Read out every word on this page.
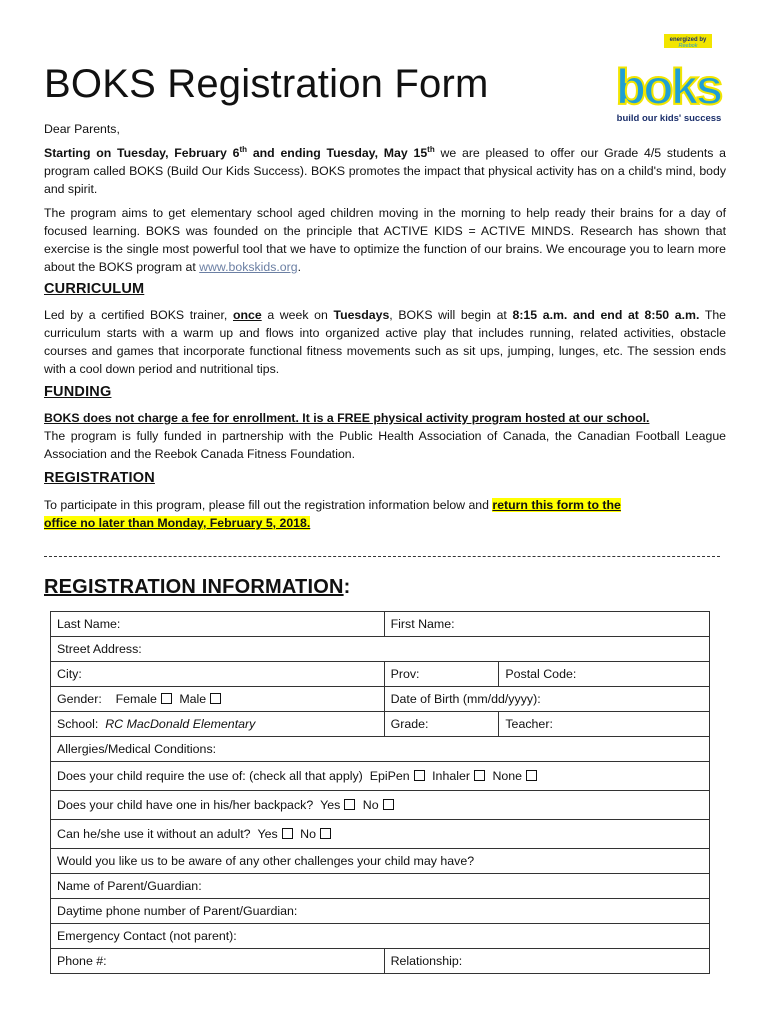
BOKS Registration Form
energized by
Reebok
boks
build our kids' success

Dear Parents,

Starting on Tuesday, February 6th and ending Tuesday, May 15th we are pleased to offer our Grade 4/5 students a program called BOKS (Build Our Kids Success). BOKS promotes the impact that physical activity has on a child's mind, body and spirit.

The program aims to get elementary school aged children moving in the morning to help ready their brains for a day of focused learning. BOKS was founded on the principle that ACTIVE KIDS = ACTIVE MINDS. Research has shown that exercise is the single most powerful tool that we have to optimize the function of our brains. We encourage you to learn more about the BOKS program at www.bokskids.org.

CURRICULUM

Led by a certified BOKS trainer, once a week on Tuesdays, BOKS will begin at 8:15 a.m. and end at 8:50 a.m. The curriculum starts with a warm up and flows into organized active play that includes running, related activities, obstacle courses and games that incorporate functional fitness movements such as sit ups, jumping, lunges, etc. The session ends with a cool down period and nutritional tips.

FUNDING

BOKS does not charge a fee for enrollment. It is a FREE physical activity program hosted at our school.
The program is fully funded in partnership with the Public Health Association of Canada, the Canadian Football League Association and the Reebok Canada Fitness Foundation.

REGISTRATION

To participate in this program, please fill out the registration information below and return this form to the
office no later than Monday, February 5, 2018.

REGISTRATION INFORMATION:

Last Name:	First Name:	
Street Address:		
City:	Prov:	Postal Code:
Gender: Female Male	Date of Birth (mm/dd/yyyy):	
School: RC MacDonald Elementary	Grade:	Teacher:
Allergies/Medical Conditions:		
Does your child require the use of: (check all that apply) EpiPen Inhaler None		
Does your child have one in his/her backpack? Yes No		
Can he/she use it without an adult? Yes No		
Would you like us to be aware of any other challenges your child may have?		
Name of Parent/Guardian:		
Daytime phone number of Parent/Guardian:		
Emergency Contact (not parent):		
Phone #:	Relationship:	
